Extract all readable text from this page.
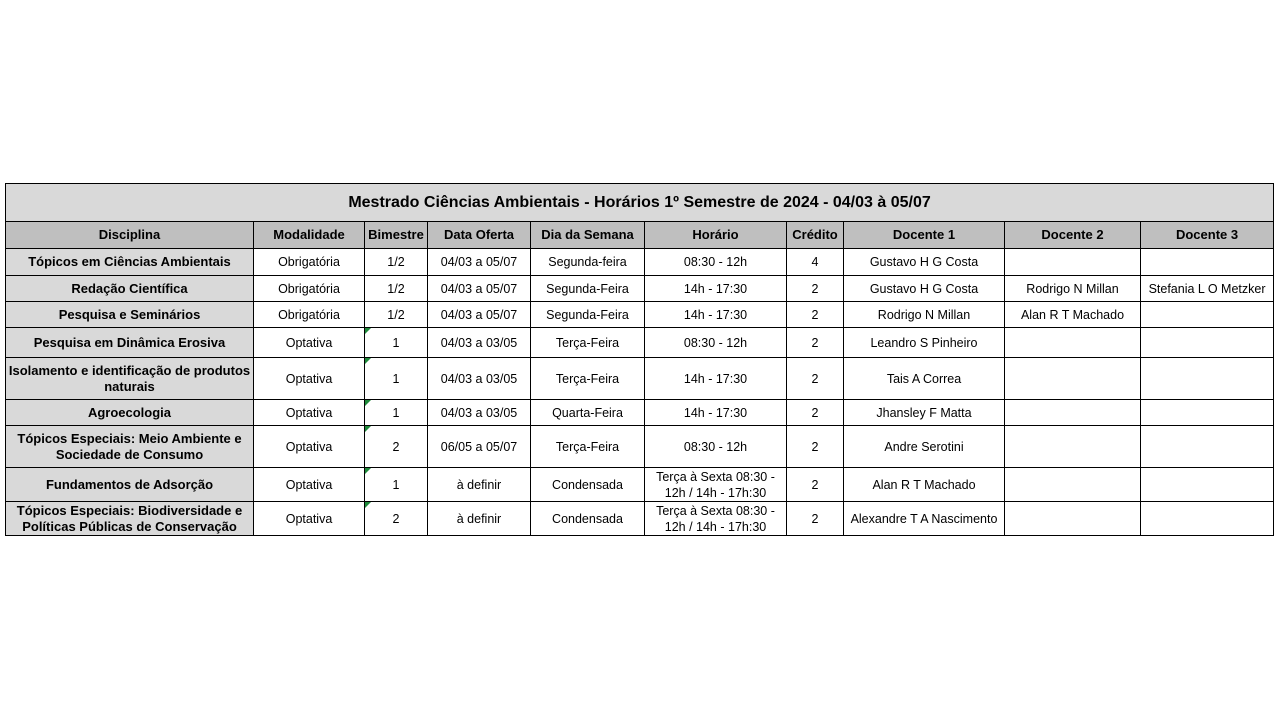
Mestrado Ciências Ambientais - Horários 1º Semestre de 2024 - 04/03 à 05/07									
Disciplina	Modalidade	Bimestre	Data Oferta	Dia da Semana	Horário	Crédito	Docente 1	Docente 2	Docente 3
Tópicos em Ciências Ambientais	Obrigatória	1/2	04/03 a 05/07	Segunda-feira	08:30 - 12h	4	Gustavo H G Costa		
Redação Científica	Obrigatória	1/2	04/03 a 05/07	Segunda-Feira	14h - 17:30	2	Gustavo H G Costa	Rodrigo N Millan	Stefania L O Metzker
Pesquisa e Seminários	Obrigatória	1/2	04/03 a 05/07	Segunda-Feira	14h - 17:30	2	Rodrigo N Millan	Alan R T Machado	
Pesquisa em Dinâmica Erosiva	Optativa	1	04/03 a 03/05	Terça-Feira	08:30 - 12h	2	Leandro S Pinheiro		
Isolamento e identificação de produtos naturais	Optativa	1	04/03 a 03/05	Terça-Feira	14h - 17:30	2	Tais A Correa		
Agroecologia	Optativa	1	04/03 a 03/05	Quarta-Feira	14h - 17:30	2	Jhansley F Matta		
Tópicos Especiais: Meio Ambiente e Sociedade de Consumo	Optativa	2	06/05 a 05/07	Terça-Feira	08:30 - 12h	2	Andre Serotini		
Fundamentos de Adsorção	Optativa	1	à definir	Condensada	Terça à Sexta 08:30 - 12h / 14h - 17h:30	2	Alan R T Machado		
Tópicos Especiais: Biodiversidade e Políticas Públicas de Conservação	Optativa	2	à definir	Condensada	Terça à Sexta 08:30 - 12h / 14h - 17h:30	2	Alexandre T A Nascimento		
